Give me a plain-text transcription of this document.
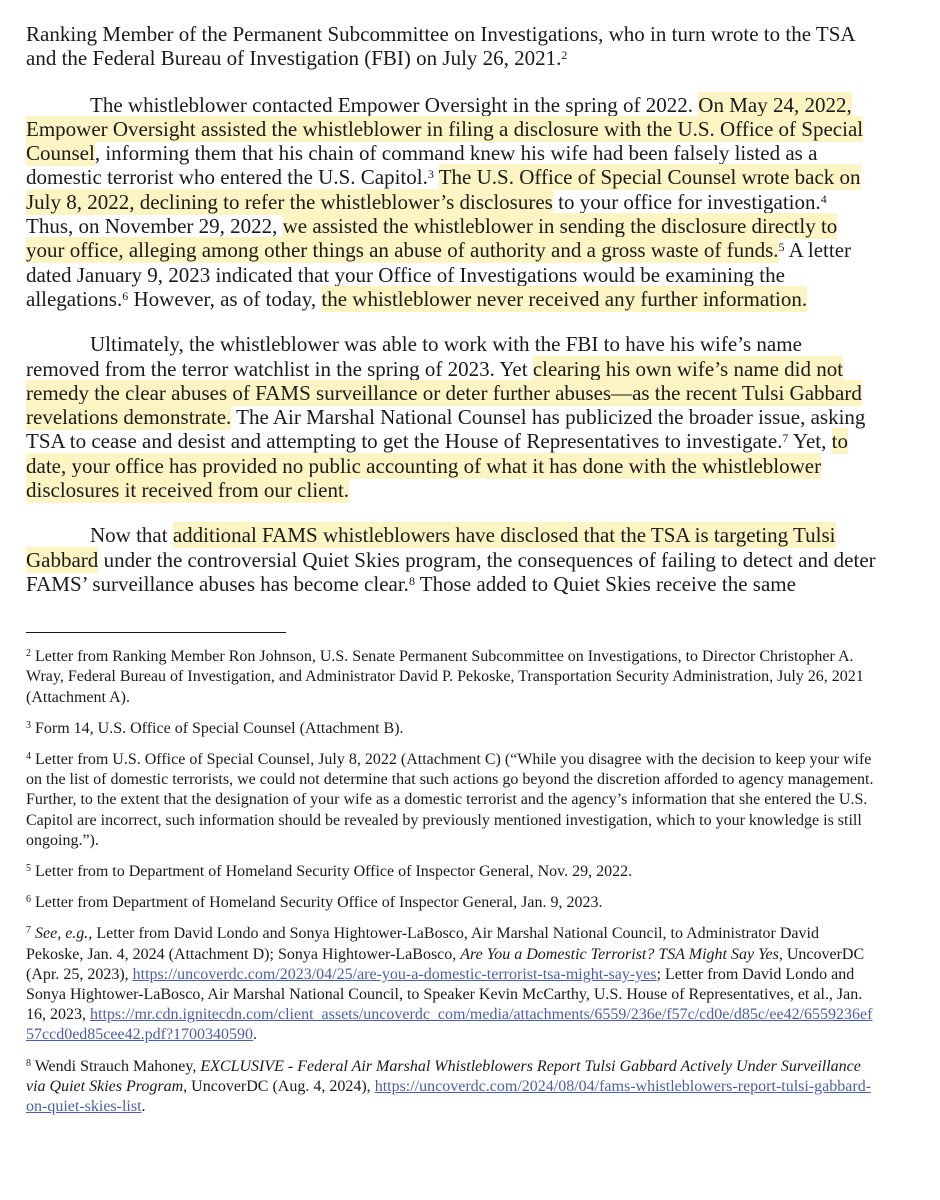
Ranking Member of the Permanent Subcommittee on Investigations, who in turn wrote to the TSA and the Federal Bureau of Investigation (FBI) on July 26, 2021.$^2$

The whistleblower contacted Empower Oversight in the spring of 2022. On May 24, 2022, Empower Oversight assisted the whistleblower in filing a disclosure with the U.S. Office of Special Counsel, informing them that his chain of command knew his wife had been falsely listed as a domestic terrorist who entered the U.S. Capitol.$^3$ The U.S. Office of Special Counsel wrote back on July 8, 2022, declining to refer the whistleblower’s disclosures to your office for investigation.$^4$ Thus, on November 29, 2022, we assisted the whistleblower in sending the disclosure directly to your office, alleging among other things an abuse of authority and a gross waste of funds.$^5$ A letter dated January 9, 2023 indicated that your Office of Investigations would be examining the allegations.$^6$ However, as of today, the whistleblower never received any further information.

Ultimately, the whistleblower was able to work with the FBI to have his wife’s name removed from the terror watchlist in the spring of 2023. Yet clearing his own wife’s name did not remedy the clear abuses of FAMS surveillance or deter further abuses—as the recent Tulsi Gabbard revelations demonstrate. The Air Marshal National Counsel has publicized the broader issue, asking TSA to cease and desist and attempting to get the House of Representatives to investigate.$^7$ Yet, to date, your office has provided no public accounting of what it has done with the whistleblower disclosures it received from our client.

Now that additional FAMS whistleblowers have disclosed that the TSA is targeting Tulsi Gabbard under the controversial Quiet Skies program, the consequences of failing to detect and deter FAMS’ surveillance abuses has become clear.$^8$ Those added to Quiet Skies receive the same

$^2$ Letter from Ranking Member Ron Johnson, U.S. Senate Permanent Subcommittee on Investigations, to Director Christopher A. Wray, Federal Bureau of Investigation, and Administrator David P. Pekoske, Transportation Security Administration, July 26, 2021 (Attachment A).

$^3$ Form 14, U.S. Office of Special Counsel (Attachment B).

$^4$ Letter from U.S. Office of Special Counsel, July 8, 2022 (Attachment C) (“While you disagree with the decision to keep your wife on the list of domestic terrorists, we could not determine that such actions go beyond the discretion afforded to agency management. Further, to the extent that the designation of your wife as a domestic terrorist and the agency’s information that she entered the U.S. Capitol are incorrect, such information should be revealed by previously mentioned investigation, which to your knowledge is still ongoing.”).

$^5$ Letter from to Department of Homeland Security Office of Inspector General, Nov. 29, 2022.

$^6$ Letter from Department of Homeland Security Office of Inspector General, Jan. 9, 2023.

$^7$ See, e.g., Letter from David Londo and Sonya Hightower-LaBosco, Air Marshal National Council, to Administrator David Pekoske, Jan. 4, 2024 (Attachment D); Sonya Hightower-LaBosco, Are You a Domestic Terrorist? TSA Might Say Yes, UncoverDC (Apr. 25, 2023), https://uncoverdc.com/2023/04/25/are-you-a-domestic-terrorist-tsa-might-say-yes; Letter from David Londo and Sonya Hightower-LaBosco, Air Marshal National Council, to Speaker Kevin McCarthy, U.S. House of Representatives, et al., Jan. 16, 2023, https://mr.cdn.ignitecdn.com/client_assets/uncoverdc_com/media/attachments/6559/236e/f57c/cd0e/d85c/ee42/6559236ef57ccd0ed85cee42.pdf?1700340590.

$^8$ Wendi Strauch Mahoney, EXCLUSIVE - Federal Air Marshal Whistleblowers Report Tulsi Gabbard Actively Under Surveillance via Quiet Skies Program, UncoverDC (Aug. 4, 2024), https://uncoverdc.com/2024/08/04/fams-whistleblowers-report-tulsi-gabbard-on-quiet-skies-list.
